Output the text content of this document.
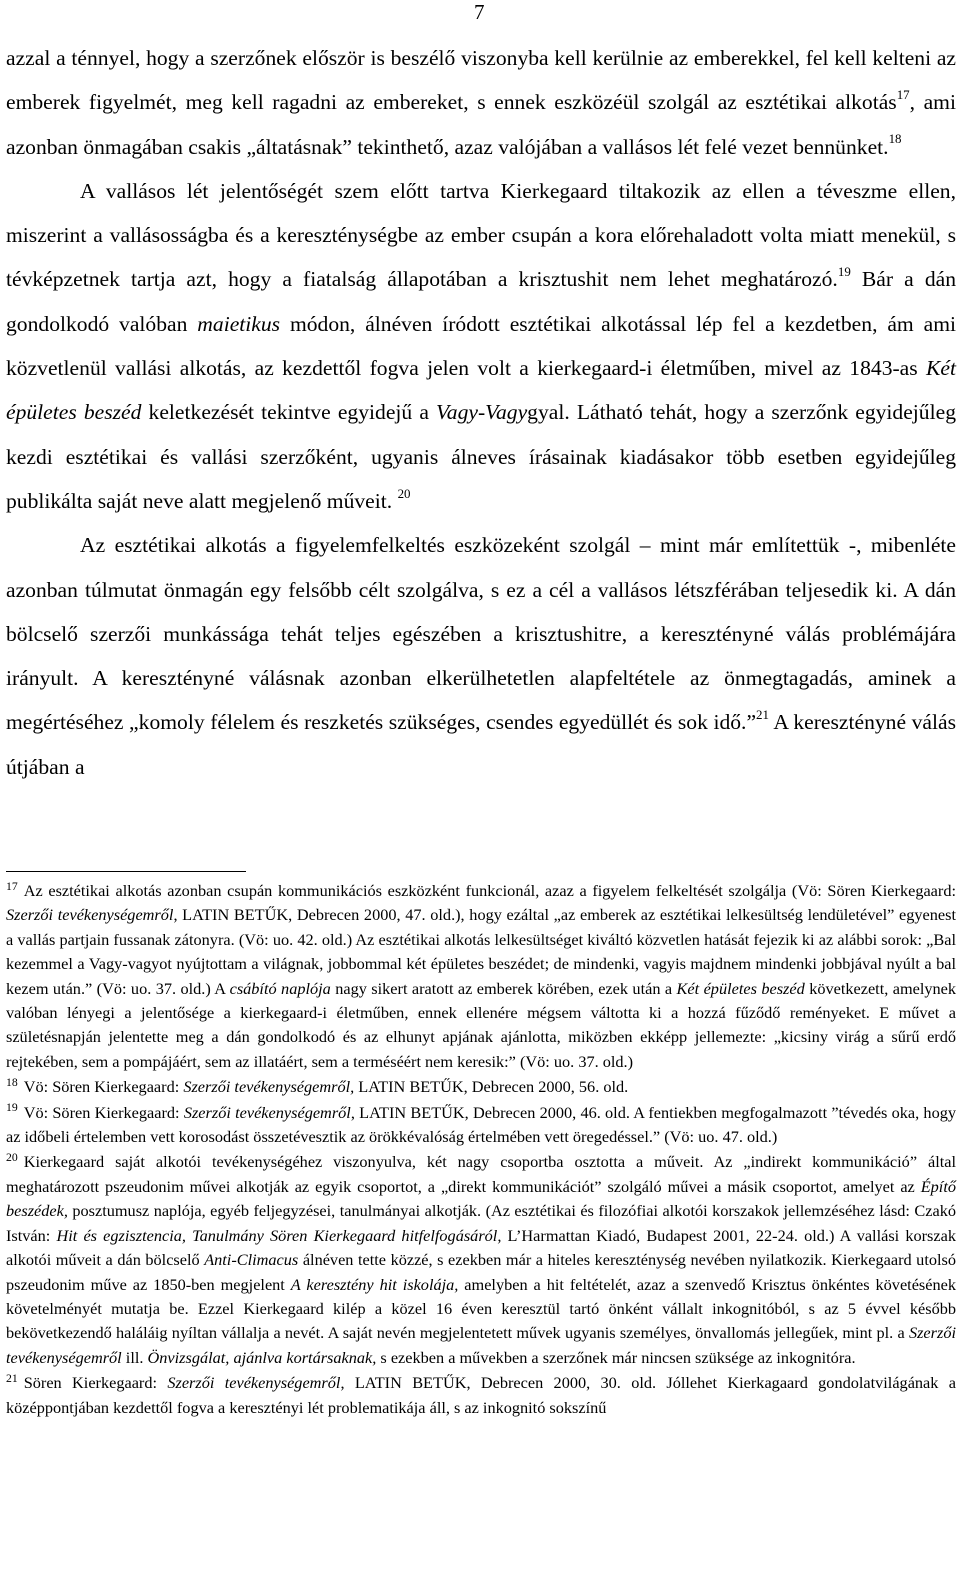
7

azzal a ténnyel, hogy a szerzőnek először is beszélő viszonyba kell kerülnie az emberekkel, fel kell kelteni az emberek figyelmét, meg kell ragadni az embereket, s ennek eszközéül szolgál az esztétikai alkotás$^{17}$, ami azonban önmagában csakis „áltatásnak” tekinthető, azaz valójában a vallásos lét felé vezet bennünket.$^{18}$

A vallásos lét jelentőségét szem előtt tartva Kierkegaard tiltakozik az ellen a téveszme ellen, miszerint a vallásosságba és a kereszténységbe az ember csupán a kora előrehaladott volta miatt menekül, s tévképzetnek tartja azt, hogy a fiatalság állapotában a krisztushit nem lehet meghatározó.$^{19}$ Bár a dán gondolkodó valóban maietikus módon, álnéven íródott esztétikai alkotással lép fel a kezdetben, ám ami közvetlenül vallási alkotás, az kezdettől fogva jelen volt a kierkegaard-i életműben, mivel az 1843-as Két épületes beszéd keletkezését tekintve egyidejű a Vagy-Vagygyal. Látható tehát, hogy a szerzőnk egyidejűleg kezdi esztétikai és vallási szerzőként, ugyanis álneves írásainak kiadásakor több esetben egyidejűleg publikálta saját neve alatt megjelenő műveit. $^{20}$

Az esztétikai alkotás a figyelemfelkeltés eszközeként szolgál – mint már említettük -, mibenléte azonban túlmutat önmagán egy felsőbb célt szolgálva, s ez a cél a vallásos létszférában teljesedik ki. A dán bölcselő szerzői munkássága tehát teljes egészében a krisztushitre, a keresztényné válás problémájára irányult. A keresztényné válásnak azonban elkerülhetetlen alapfeltétele az önmegtagadás, aminek a megértéséhez „komoly félelem és reszketés szükséges, csendes egyedüllét és sok idő.”$^{21}$ A keresztényné válás útjában a

$^{17}$ Az esztétikai alkotás azonban csupán kommunikációs eszközként funkcionál, azaz a figyelem felkeltését szolgálja (Vö: Sören Kierkegaard: Szerzői tevékenységemről, LATIN BETŰK, Debrecen 2000, 47. old.), hogy ezáltal „az emberek az esztétikai lelkesültség lendületével” egyenest a vallás partjain fussanak zátonyra. (Vö: uo. 42. old.) Az esztétikai alkotás lelkesültséget kiváltó közvetlen hatását fejezik ki az alábbi sorok: „Bal kezemmel a Vagy-vagyot nyújtottam a világnak, jobbommal két épületes beszédet; de mindenki, vagyis majdnem mindenki jobbjával nyúlt a bal kezem után.” (Vö: uo. 37. old.) A csábító naplója nagy sikert aratott az emberek körében, ezek után a Két épületes beszéd következett, amelynek valóban lényegi a jelentősége a kierkegaard-i életműben, ennek ellenére mégsem váltotta ki a hozzá fűződő reményeket. E művet a születésnapján jelentette meg a dán gondolkodó és az elhunyt apjának ajánlotta, miközben ekképp jellemezte: „kicsiny virág a sűrű erdő rejtekében, sem a pompájáért, sem az illatáért, sem a terméséért nem keresik:” (Vö: uo. 37. old.)

$^{18}$ Vö: Sören Kierkegaard: Szerzői tevékenységemről, LATIN BETŰK, Debrecen 2000, 56. old.

$^{19}$ Vö: Sören Kierkegaard: Szerzői tevékenységemről, LATIN BETŰK, Debrecen 2000, 46. old. A fentiekben megfogalmazott ”tévedés oka, hogy az időbeli értelemben vett korosodást összetévesztik az örökkévalóság értelmében vett öregedéssel.” (Vö: uo. 47. old.)

$^{20}$ Kierkegaard saját alkotói tevékenységéhez viszonyulva, két nagy csoportba osztotta a műveit. Az „indirekt kommunikáció” által meghatározott pszeudonim művei alkotják az egyik csoportot, a „direkt kommunikációt” szolgáló művei a másik csoportot, amelyet az Építő beszédek, posztumusz naplója, egyéb feljegyzései, tanulmányai alkotják. (Az esztétikai és filozófiai alkotói korszakok jellemzéséhez lásd: Czakó István: Hit és egzisztencia, Tanulmány Sören Kierkegaard hitfelfogásáról, L’Harmattan Kiadó, Budapest 2001, 22-24. old.) A vallási korszak alkotói műveit a dán bölcselő Anti-Climacus álnéven tette közzé, s ezekben már a hiteles kereszténység nevében nyilatkozik. Kierkegaard utolsó pszeudonim műve az 1850-ben megjelent A keresztény hit iskolája, amelyben a hit feltételét, azaz a szenvedő Krisztus önkéntes követésének követelményét mutatja be. Ezzel Kierkegaard kilép a közel 16 éven keresztül tartó önként vállalt inkognitóból, s az 5 évvel később bekövetkezendő haláláig nyíltan vállalja a nevét. A saját nevén megjelentetett művek ugyanis személyes, önvallomás jellegűek, mint pl. a Szerzői tevékenységemről ill. Önvizsgálat, ajánlva kortársaknak, s ezekben a művekben a szerzőnek már nincsen szüksége az inkognitóra.

$^{21}$ Sören Kierkegaard: Szerzői tevékenységemről, LATIN BETŰK, Debrecen 2000, 30. old. Jóllehet Kierkagaard gondolatvilágának a középpontjában kezdettől fogva a keresztényi lét problematikája áll, s az inkognitó sokszínű
